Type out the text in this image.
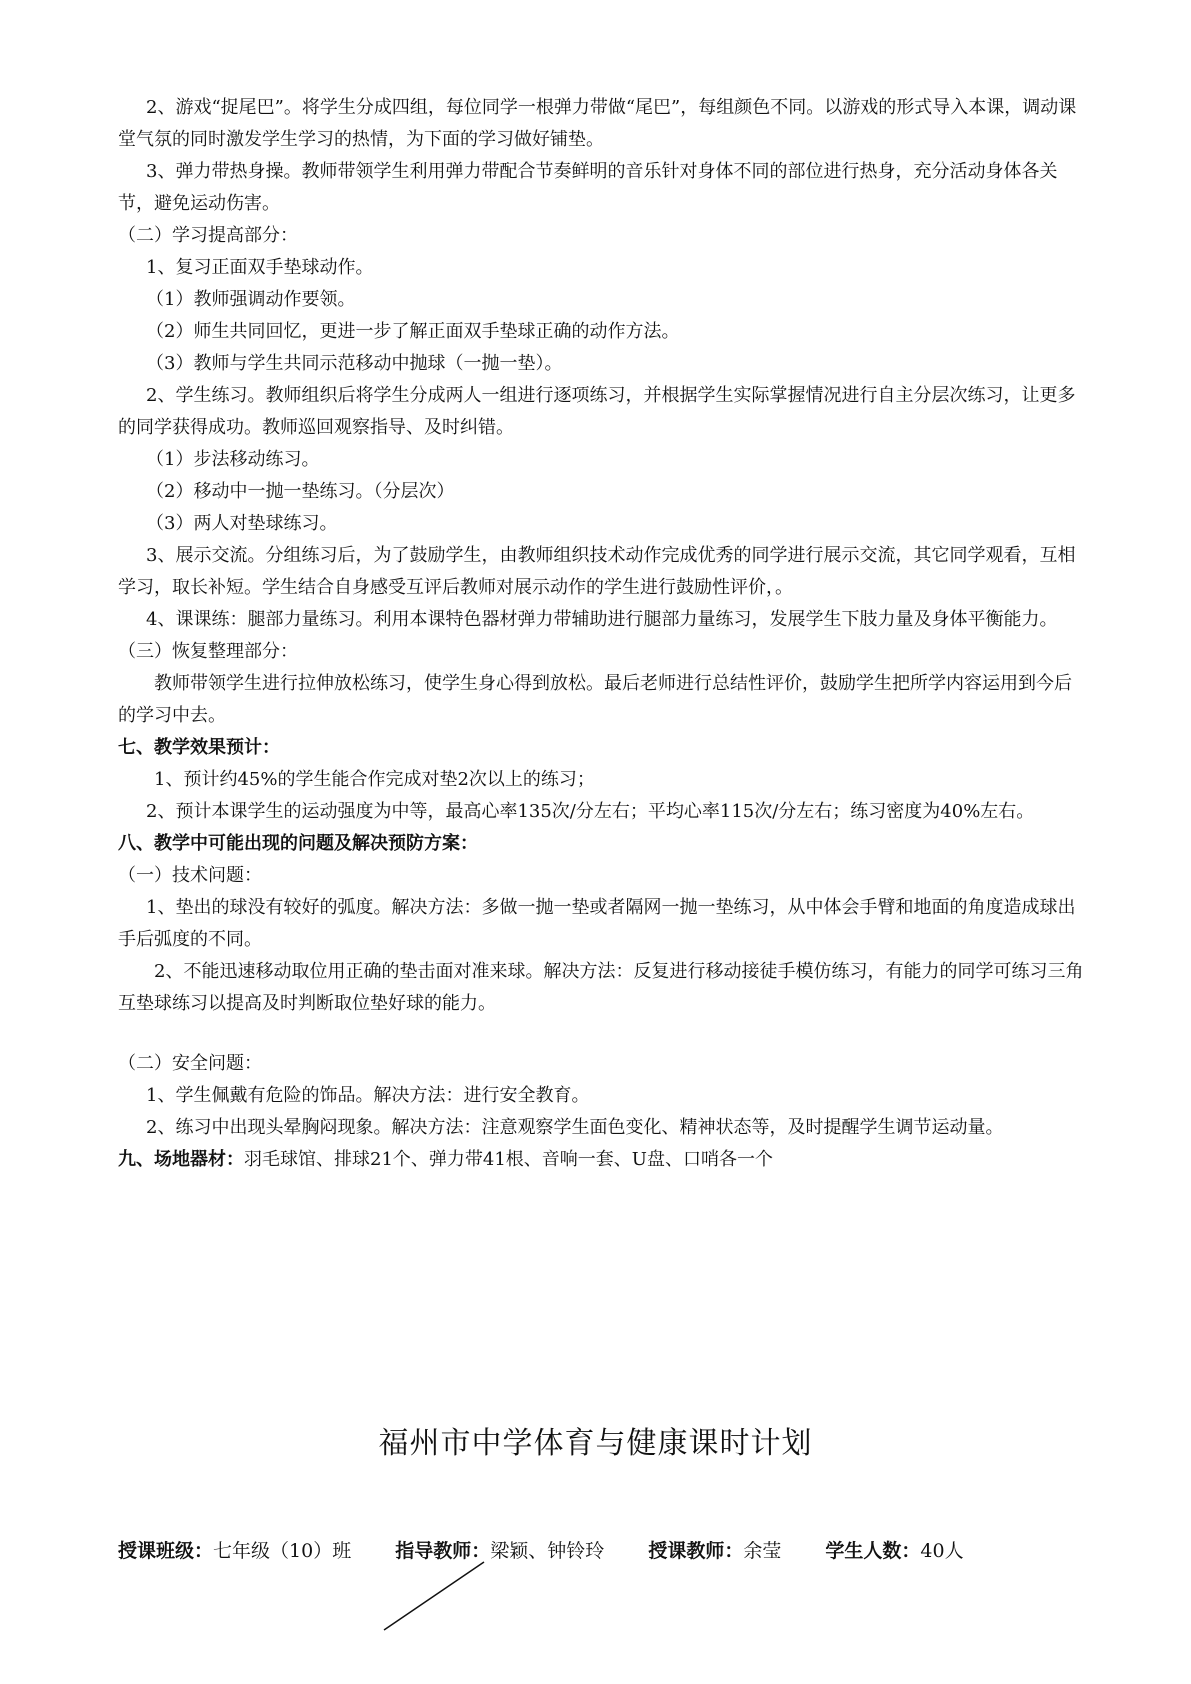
2、游戏“捉尾巴”。将学生分成四组，每位同学一根弹力带做“尾巴”，每组颜色不同。以游戏的形式导入本课，调动课堂气氛的同时激发学生学习的热情，为下面的学习做好铺垫。

3、弹力带热身操。教师带领学生利用弹力带配合节奏鲜明的音乐针对身体不同的部位进行热身，充分活动身体各关节，避免运动伤害。

（二）学习提高部分：

1、复习正面双手垫球动作。

（1）教师强调动作要领。

（2）师生共同回忆，更进一步了解正面双手垫球正确的动作方法。

（3）教师与学生共同示范移动中抛球（一抛一垫）。

2、学生练习。教师组织后将学生分成两人一组进行逐项练习，并根据学生实际掌握情况进行自主分层次练习，让更多的同学获得成功。教师巡回观察指导、及时纠错。

（1）步法移动练习。

（2）移动中一抛一垫练习。（分层次）

（3）两人对垫球练习。

3、展示交流。分组练习后，为了鼓励学生，由教师组织技术动作完成优秀的同学进行展示交流，其它同学观看，互相学习，取长补短。学生结合自身感受互评后教师对展示动作的学生进行鼓励性评价，。

4、课课练：腿部力量练习。利用本课特色器材弹力带辅助进行腿部力量练习，发展学生下肢力量及身体平衡能力。

（三）恢复整理部分：

教师带领学生进行拉伸放松练习，使学生身心得到放松。最后老师进行总结性评价，鼓励学生把所学内容运用到今后的学习中去。

七、教学效果预计：

1、预计约45%的学生能合作完成对垫2次以上的练习；

2、预计本课学生的运动强度为中等，最高心率135次/分左右；平均心率115次/分左右；练习密度为40%左右。

八、教学中可能出现的问题及解决预防方案：

（一）技术问题：

1、垫出的球没有较好的弧度。解决方法：多做一抛一垫或者隔网一抛一垫练习，从中体会手臂和地面的角度造成球出手后弧度的不同。

2、不能迅速移动取位用正确的垫击面对准来球。解决方法：反复进行移动接徒手模仿练习，有能力的同学可练习三角互垫球练习以提高及时判断取位垫好球的能力。

（二）安全问题：

1、学生佩戴有危险的饰品。解决方法：进行安全教育。

2、练习中出现头晕胸闷现象。解决方法：注意观察学生面色变化、精神状态等，及时提醒学生调节运动量。

九、场地器材：羽毛球馆、排球21个、弹力带41根、音响一套、U盘、口哨各一个

福州市中学体育与健康课时计划
授课班级：七年级（10）班 指导教师：梁颖、钟铃玲 授课教师：余莹 学生人数：40人
